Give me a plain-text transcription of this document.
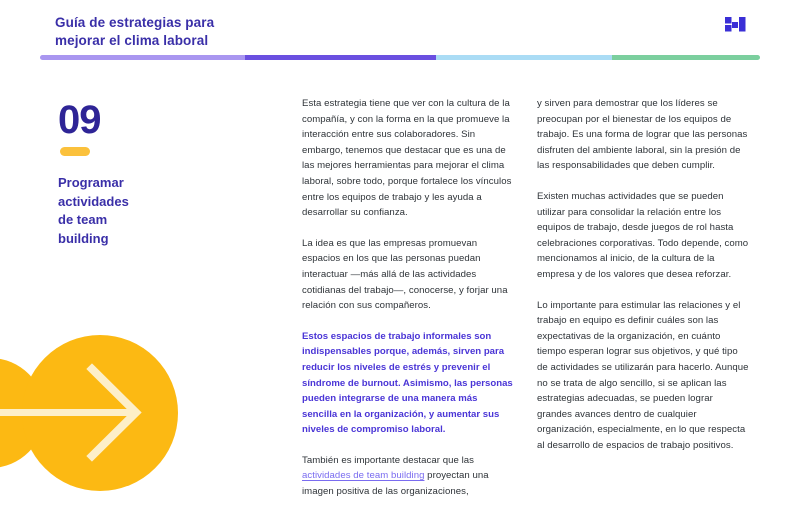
Guía de estrategias para
mejorar el clima laboral
09
Programar
actividades
de team
building

Esta estrategia tiene que ver con la cultura de la compañía, y con la forma en la que promueve la interacción entre sus colaboradores. Sin embargo, tenemos que destacar que es una de las mejores herramientas para mejorar el clima laboral, sobre todo, porque fortalece los vínculos entre los equipos de trabajo y les ayuda a desarrollar su confianza.

La idea es que las empresas promuevan espacios en los que las personas puedan interactuar —más allá de las actividades cotidianas del trabajo—, conocerse, y forjar una relación con sus compañeros.

Estos espacios de trabajo informales son indispensables porque, además, sirven para reducir los niveles de estrés y prevenir el síndrome de burnout. Asimismo, las personas pueden integrarse de una manera más sencilla en la organización, y aumentar sus niveles de compromiso laboral.

También es importante destacar que las actividades de team building proyectan una imagen positiva de las organizaciones,

y sirven para demostrar que los líderes se preocupan por el bienestar de los equipos de trabajo. Es una forma de lograr que las personas disfruten del ambiente laboral, sin la presión de las responsabilidades que deben cumplir.

Existen muchas actividades que se pueden utilizar para consolidar la relación entre los equipos de trabajo, desde juegos de rol hasta celebraciones corporativas. Todo depende, como mencionamos al inicio, de la cultura de la empresa y de los valores que desea reforzar.

Lo importante para estimular las relaciones y el trabajo en equipo es definir cuáles son las expectativas de la organización, en cuánto tiempo esperan lograr sus objetivos, y qué tipo de actividades se utilizarán para hacerlo. Aunque no se trata de algo sencillo, si se aplican las estrategias adecuadas, se pueden lograr grandes avances dentro de cualquier organización, especialmente, en lo que respecta al desarrollo de espacios de trabajo positivos.
